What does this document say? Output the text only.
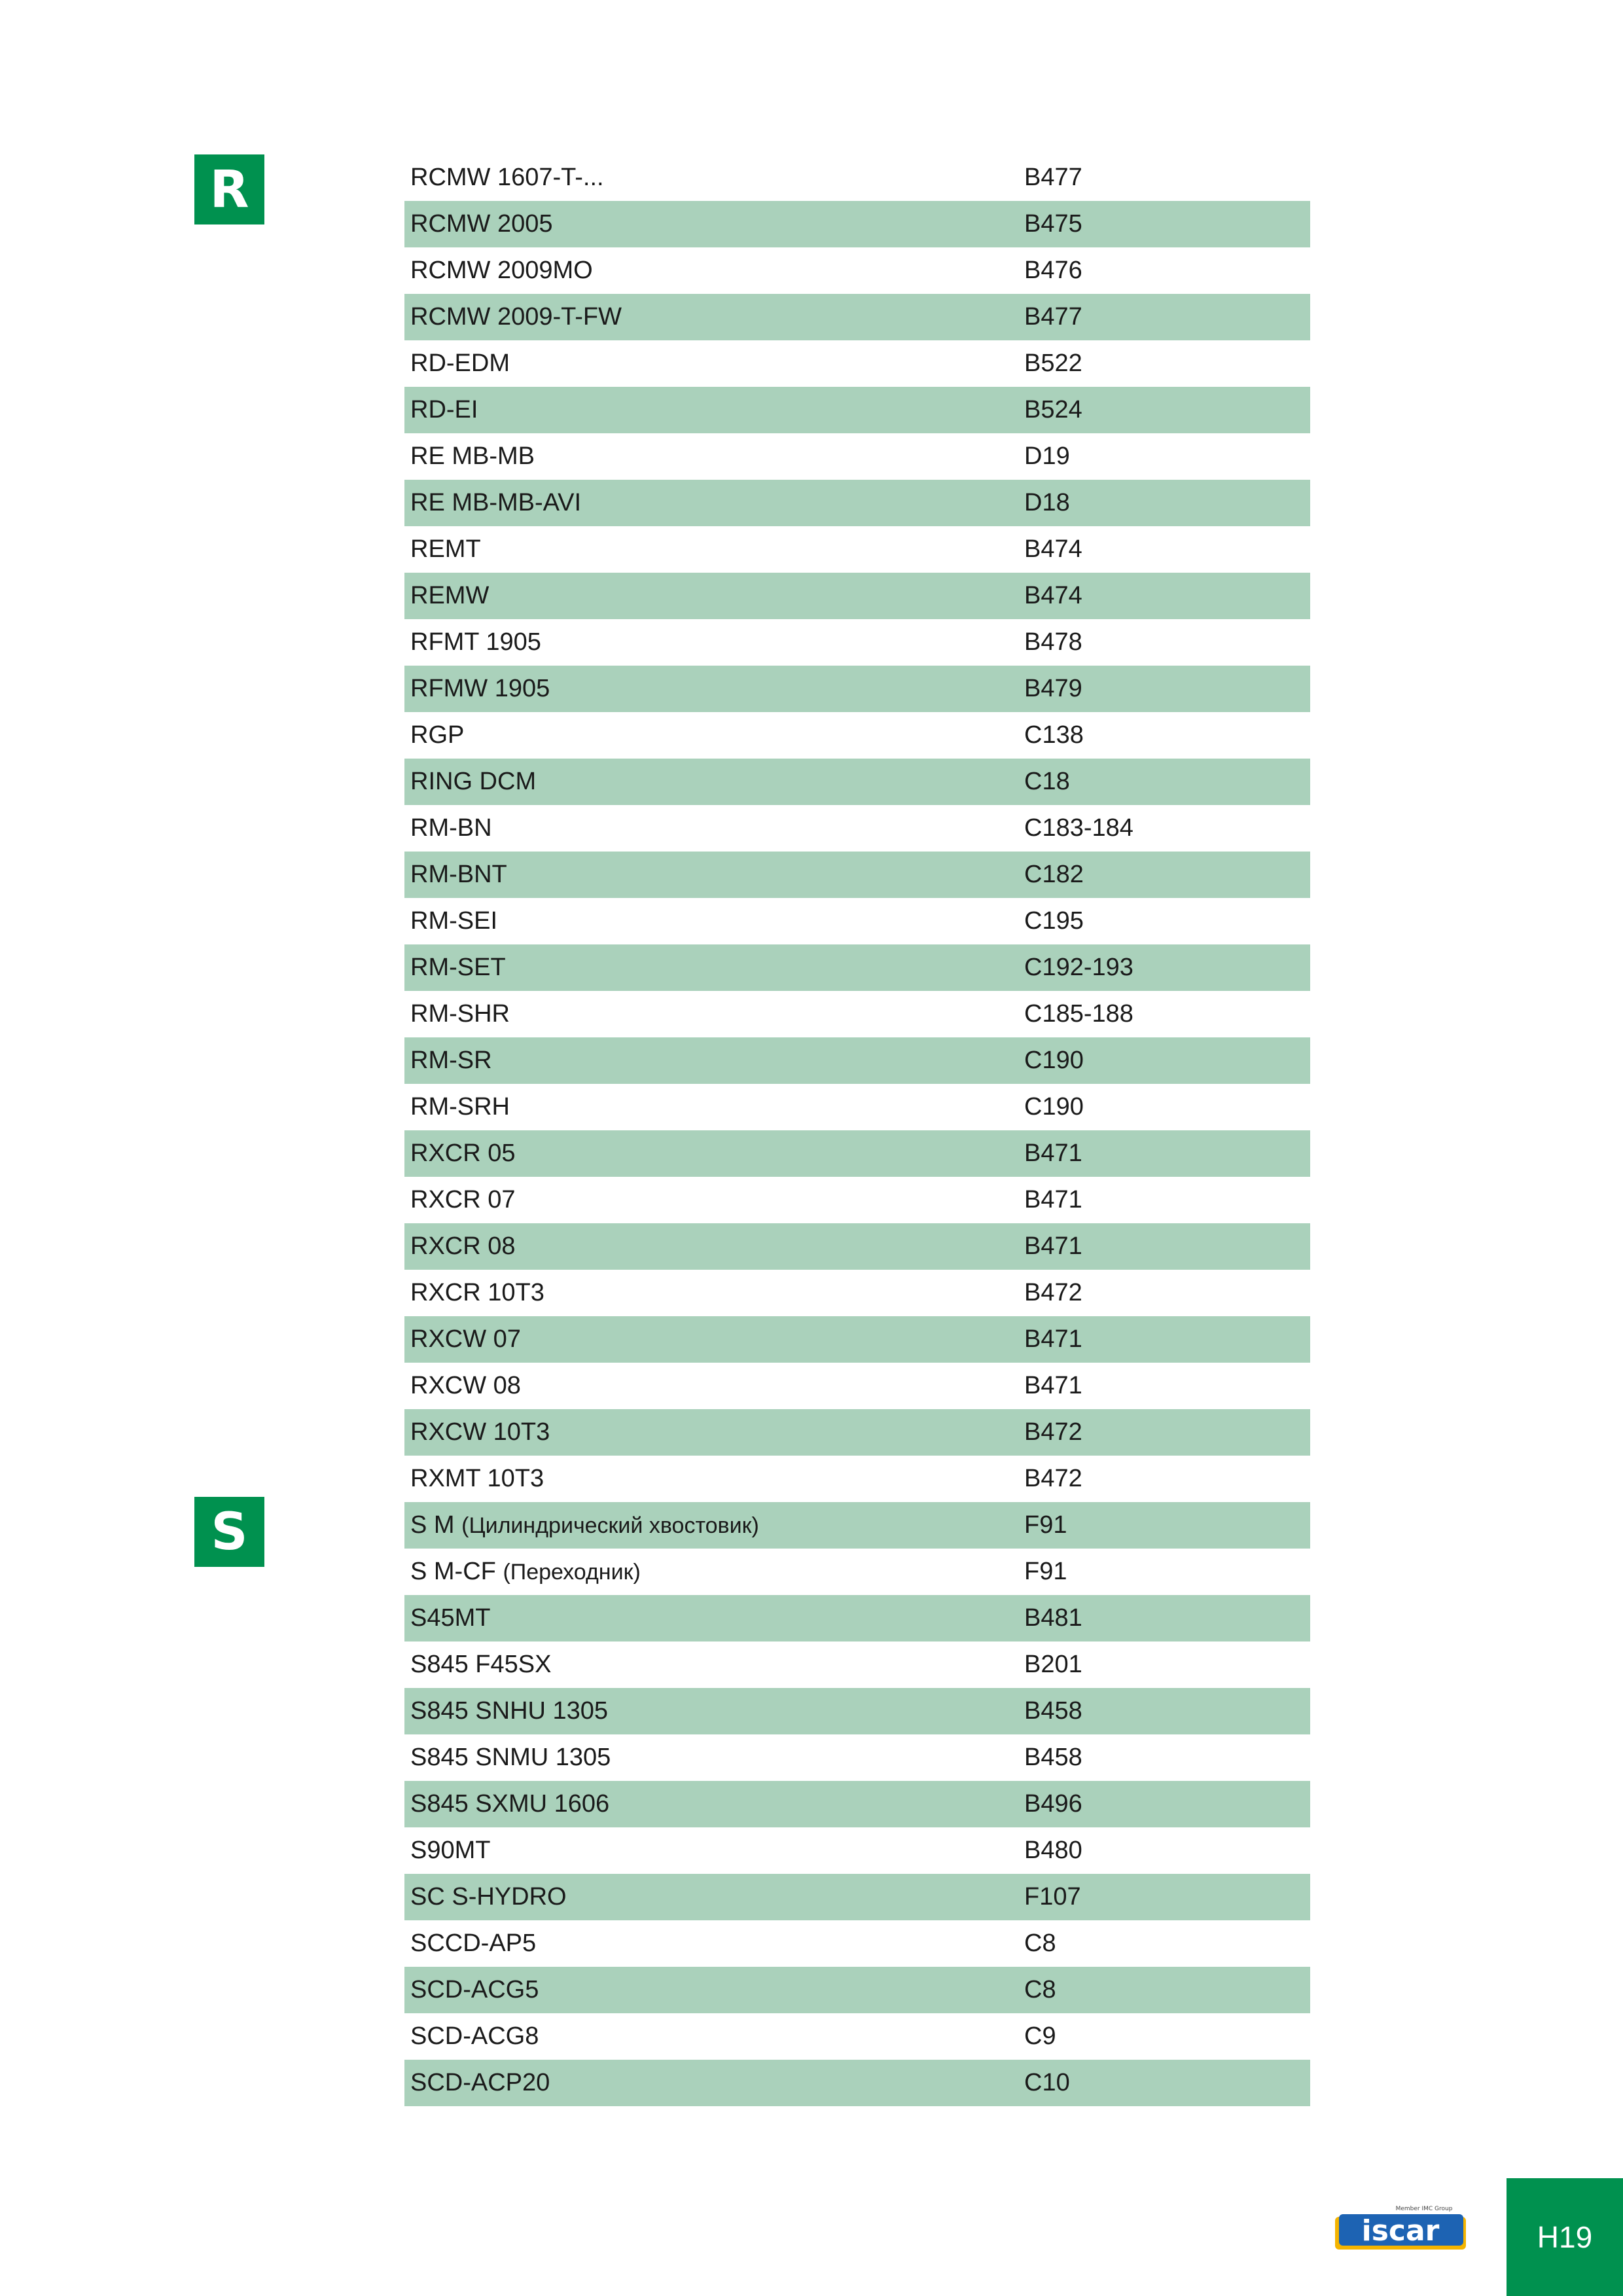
R
S
RCMW 1607-T-...	B477
RCMW 2005	B475
RCMW 2009MO	B476
RCMW 2009-T-FW	B477
RD-EDM	B522
RD-EI	B524
RE MB-MB	D19
RE MB-MB-AVI	D18
REMT	B474
REMW	B474
RFMT 1905	B478
RFMW 1905	B479
RGP	C138
RING DCM	C18
RM-BN	C183-184
RM-BNT	C182
RM-SEI	C195
RM-SET	C192-193
RM-SHR	C185-188
RM-SR	C190
RM-SRH	C190
RXCR 05	B471
RXCR 07	B471
RXCR 08	B471
RXCR 10T3	B472
RXCW 07	B471
RXCW 08	B471
RXCW 10T3	B472
RXMT 10T3	B472
S M (Цилиндрический хвостовик)	F91
S M-CF (Переходник)	F91
S45MT	B481
S845 F45SX	B201
S845 SNHU 1305	B458
S845 SNMU 1305	B458
S845 SXMU 1606	B496
S90MT	B480
SC S-HYDRO	F107
SCCD-AP5	C8
SCD-ACG5	C8
SCD-ACG8	C9
SCD-ACP20	C10
iscar
Member IMC Group
H19
